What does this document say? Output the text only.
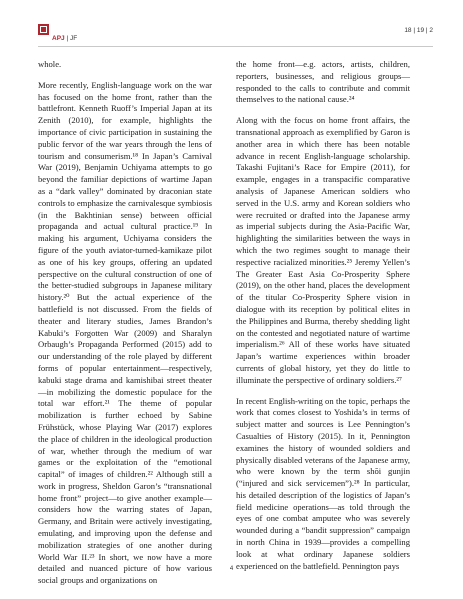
APJ | JF
18 | 19 | 2

whole.

More recently, English-language work on the war has focused on the home front, rather than the battlefront. Kenneth Ruoff’s Imperial Japan at its Zenith (2010), for example, highlights the importance of civic participation in sustaining the public fervor of the war years through the lens of tourism and consumerism.¹⁸ In Japan’s Carnival War (2019), Benjamin Uchiyama attempts to go beyond the familiar depictions of wartime Japan as a “dark valley” dominated by draconian state controls to emphasize the carnivalesque symbiosis (in the Bakhtinian sense) between official propaganda and actual cultural practice.¹⁹ In making his argument, Uchiyama considers the figure of the youth aviator-turned-kamikaze pilot as one of his key groups, offering an updated perspective on the cultural construction of one of the better-studied subgroups in Japanese military history.²⁰ But the actual experience of the battlefield is not discussed. From the fields of theater and literary studies, James Brandon’s Kabuki’s Forgotten War (2009) and Sharalyn Orbaugh’s Propaganda Performed (2015) add to our understanding of the role played by different forms of popular entertainment—respectively, kabuki stage drama and kamishibai street theater—in mobilizing the domestic populace for the total war effort.²¹ The theme of popular mobilization is further echoed by Sabine Frühstück, whose Playing War (2017) explores the place of children in the ideological production of war, whether through the medium of war games or the exploitation of the “emotional capital” of images of children.²² Although still a work in progress, Sheldon Garon’s “transnational home front” project—to give another example—considers how the warring states of Japan, Germany, and Britain were actively investigating, emulating, and improving upon the defense and mobilization strategies of one another during World War II.²³ In short, we now have a more detailed and nuanced picture of how various social groups and organizations on

the home front—e.g. actors, artists, children, reporters, businesses, and religious groups—responded to the calls to contribute and commit themselves to the national cause.²⁴

Along with the focus on home front affairs, the transnational approach as exemplified by Garon is another area in which there has been notable advance in recent English-language scholarship. Takashi Fujitani’s Race for Empire (2011), for example, engages in a transpacific comparative analysis of Japanese American soldiers who served in the U.S. army and Korean soldiers who were recruited or drafted into the Japanese army as imperial subjects during the Asia-Pacific War, highlighting the similarities between the ways in which the two regimes sought to manage their respective racialized minorities.²⁵ Jeremy Yellen’s The Greater East Asia Co-Prosperity Sphere (2019), on the other hand, places the development of the titular Co-Prosperity Sphere vision in dialogue with its reception by political elites in the Philippines and Burma, thereby shedding light on the contested and negotiated nature of wartime imperialism.²⁶ All of these works have situated Japan’s wartime experiences within broader currents of global history, yet they do little to illuminate the perspective of ordinary soldiers.²⁷

In recent English-writing on the topic, perhaps the work that comes closest to Yoshida’s in terms of subject matter and sources is Lee Pennington’s Casualties of History (2015). In it, Pennington examines the history of wounded soldiers and physically disabled veterans of the Japanese army, who were known by the term shōi gunjin (“injured and sick servicemen”).²⁸ In particular, his detailed description of the logistics of Japan’s field medicine operations—as told through the eyes of one combat amputee who was severely wounded during a “bandit suppression” campaign in north China in 1939—provides a compelling look at what ordinary Japanese soldiers experienced on the battlefield. Pennington pays

4
